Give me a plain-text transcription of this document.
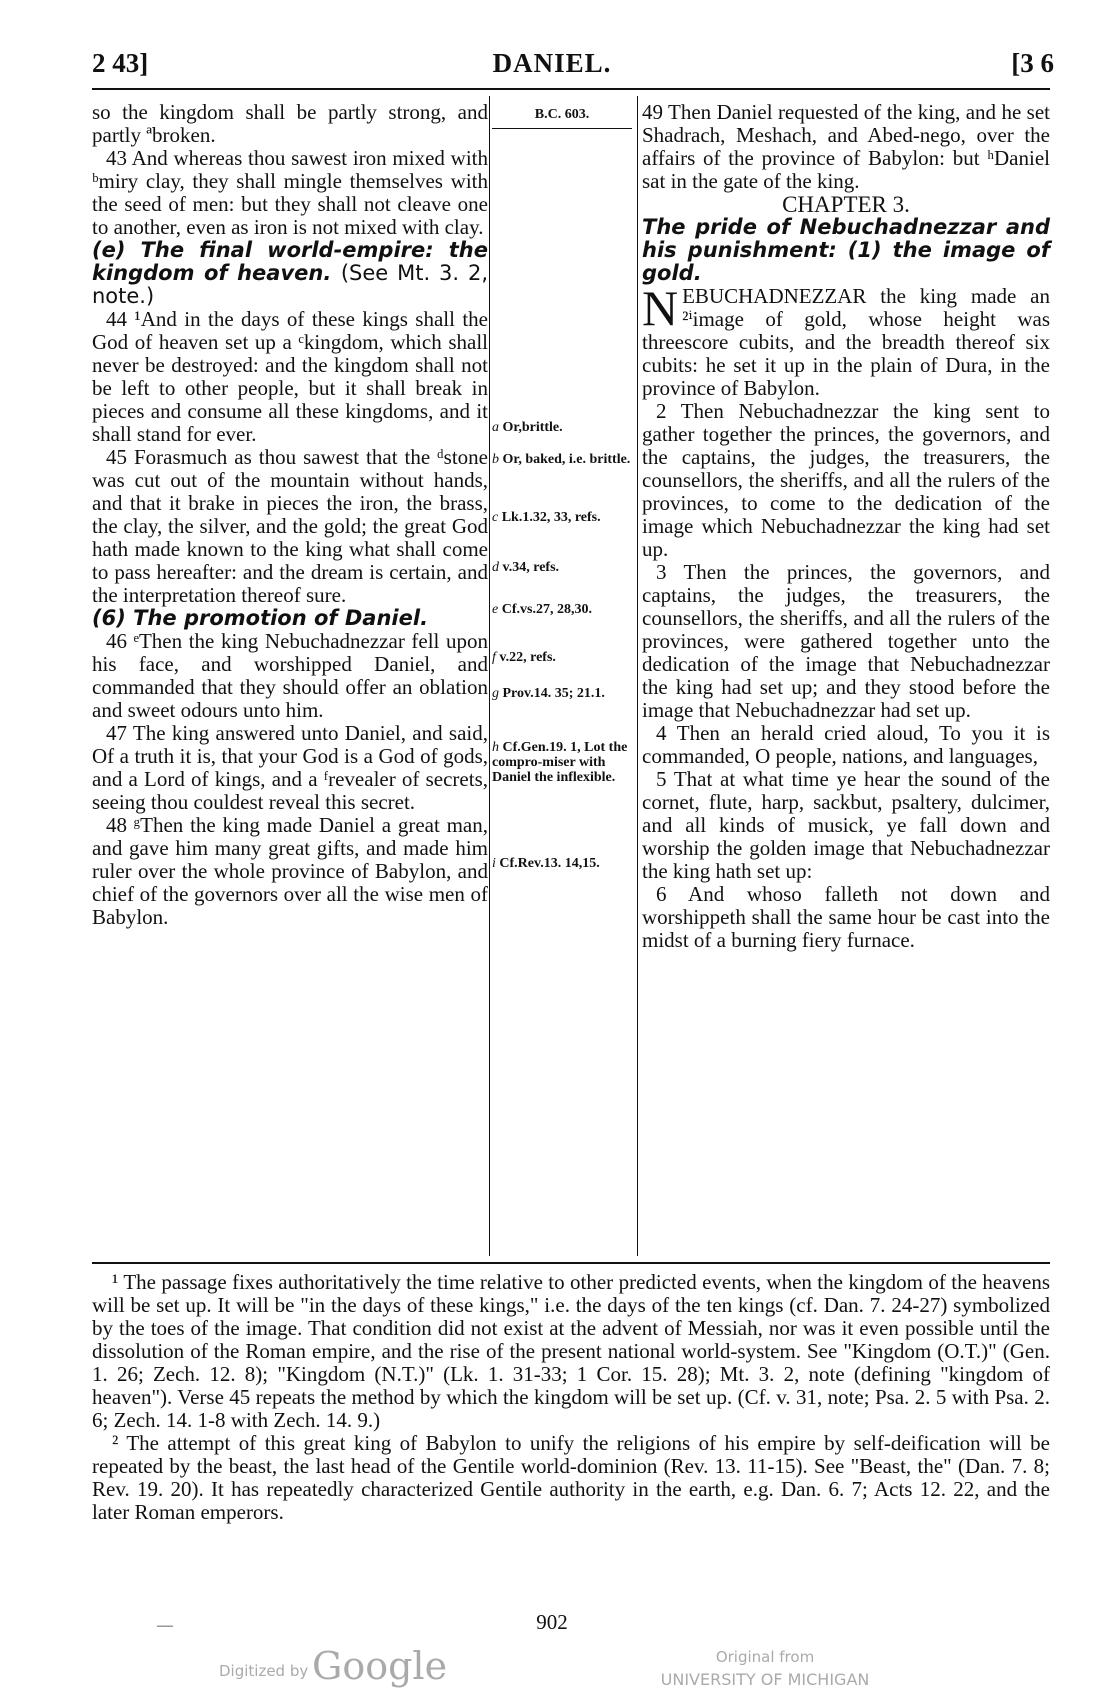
2 43]	DANIEL.	[3 6

so the kingdom shall be partly strong, and partly ªbroken.

43 And whereas thou sawest iron mixed with ᵇmiry clay, they shall mingle themselves with the seed of men: but they shall not cleave one to another, even as iron is not mixed with clay.

(e) The final world-empire: the kingdom of heaven. (See Mt. 3. 2, note.)

44 ¹And in the days of these kings shall the God of heaven set up a ᶜkingdom, which shall never be destroyed: and the kingdom shall not be left to other people, but it shall break in pieces and consume all these kingdoms, and it shall stand for ever.

45 Forasmuch as thou sawest that the ᵈstone was cut out of the mountain without hands, and that it brake in pieces the iron, the brass, the clay, the silver, and the gold; the great God hath made known to the king what shall come to pass hereafter: and the dream is certain, and the interpretation thereof sure.

(6) The promotion of Daniel.

46 ᵉThen the king Nebuchadnezzar fell upon his face, and worshipped Daniel, and commanded that they should offer an oblation and sweet odours unto him.

47 The king answered unto Daniel, and said, Of a truth it is, that your God is a God of gods, and a Lord of kings, and a ᶠrevealer of secrets, seeing thou couldest reveal this secret.

48 ᵍThen the king made Daniel a great man, and gave him many great gifts, and made him ruler over the whole province of Babylon, and chief of the governors over all the wise men of Babylon.

B.C. 603.
a Or,brittle.
b Or, baked, i.e. brittle.
c Lk.1.32, 33, refs.
d v.34, refs.
e Cf.vs.27, 28,30.
f v.22, refs.
g Prov.14. 35; 21.1.
h Cf.Gen.19. 1, Lot the compro-miser with Daniel the inflexible.
i Cf.Rev.13. 14,15.

49 Then Daniel requested of the king, and he set Shadrach, Meshach, and Abed-nego, over the affairs of the province of Babylon: but ʰDaniel sat in the gate of the king.

CHAPTER 3.

The pride of Nebuchadnezzar and his punishment: (1) the image of gold.

NEBUCHADNEZZAR the king made an ²ⁱimage of gold, whose height was threescore cubits, and the breadth thereof six cubits: he set it up in the plain of Dura, in the province of Babylon.

2 Then Nebuchadnezzar the king sent to gather together the princes, the governors, and the captains, the judges, the treasurers, the counsellors, the sheriffs, and all the rulers of the provinces, to come to the dedication of the image which Nebuchadnezzar the king had set up.

3 Then the princes, the governors, and captains, the judges, the treasurers, the counsellors, the sheriffs, and all the rulers of the provinces, were gathered together unto the dedication of the image that Nebuchadnezzar the king had set up; and they stood before the image that Nebuchadnezzar had set up.

4 Then an herald cried aloud, To you it is commanded, O people, nations, and languages,

5 That at what time ye hear the sound of the cornet, flute, harp, sackbut, psaltery, dulcimer, and all kinds of musick, ye fall down and worship the golden image that Nebuchadnezzar the king hath set up:

6 And whoso falleth not down and worshippeth shall the same hour be cast into the midst of a burning fiery furnace.

¹ The passage fixes authoritatively the time relative to other predicted events, when the kingdom of the heavens will be set up. It will be "in the days of these kings," i.e. the days of the ten kings (cf. Dan. 7. 24-27) symbolized by the toes of the image. That condition did not exist at the advent of Messiah, nor was it even possible until the dissolution of the Roman empire, and the rise of the present national world-system. See "Kingdom (O.T.)" (Gen. 1. 26; Zech. 12. 8); "Kingdom (N.T.)" (Lk. 1. 31-33; 1 Cor. 15. 28); Mt. 3. 2, note (defining "kingdom of heaven"). Verse 45 repeats the method by which the kingdom will be set up. (Cf. v. 31, note; Psa. 2. 5 with Psa. 2. 6; Zech. 14. 1-8 with Zech. 14. 9.)

² The attempt of this great king of Babylon to unify the religions of his empire by self-deification will be repeated by the beast, the last head of the Gentile world-dominion (Rev. 13. 11-15). See "Beast, the" (Dan. 7. 8; Rev. 19. 20). It has repeatedly characterized Gentile authority in the earth, e.g. Dan. 6. 7; Acts 12. 22, and the later Roman emperors.

902
—
Digitized by Google	Original from
UNIVERSITY OF MICHIGAN
